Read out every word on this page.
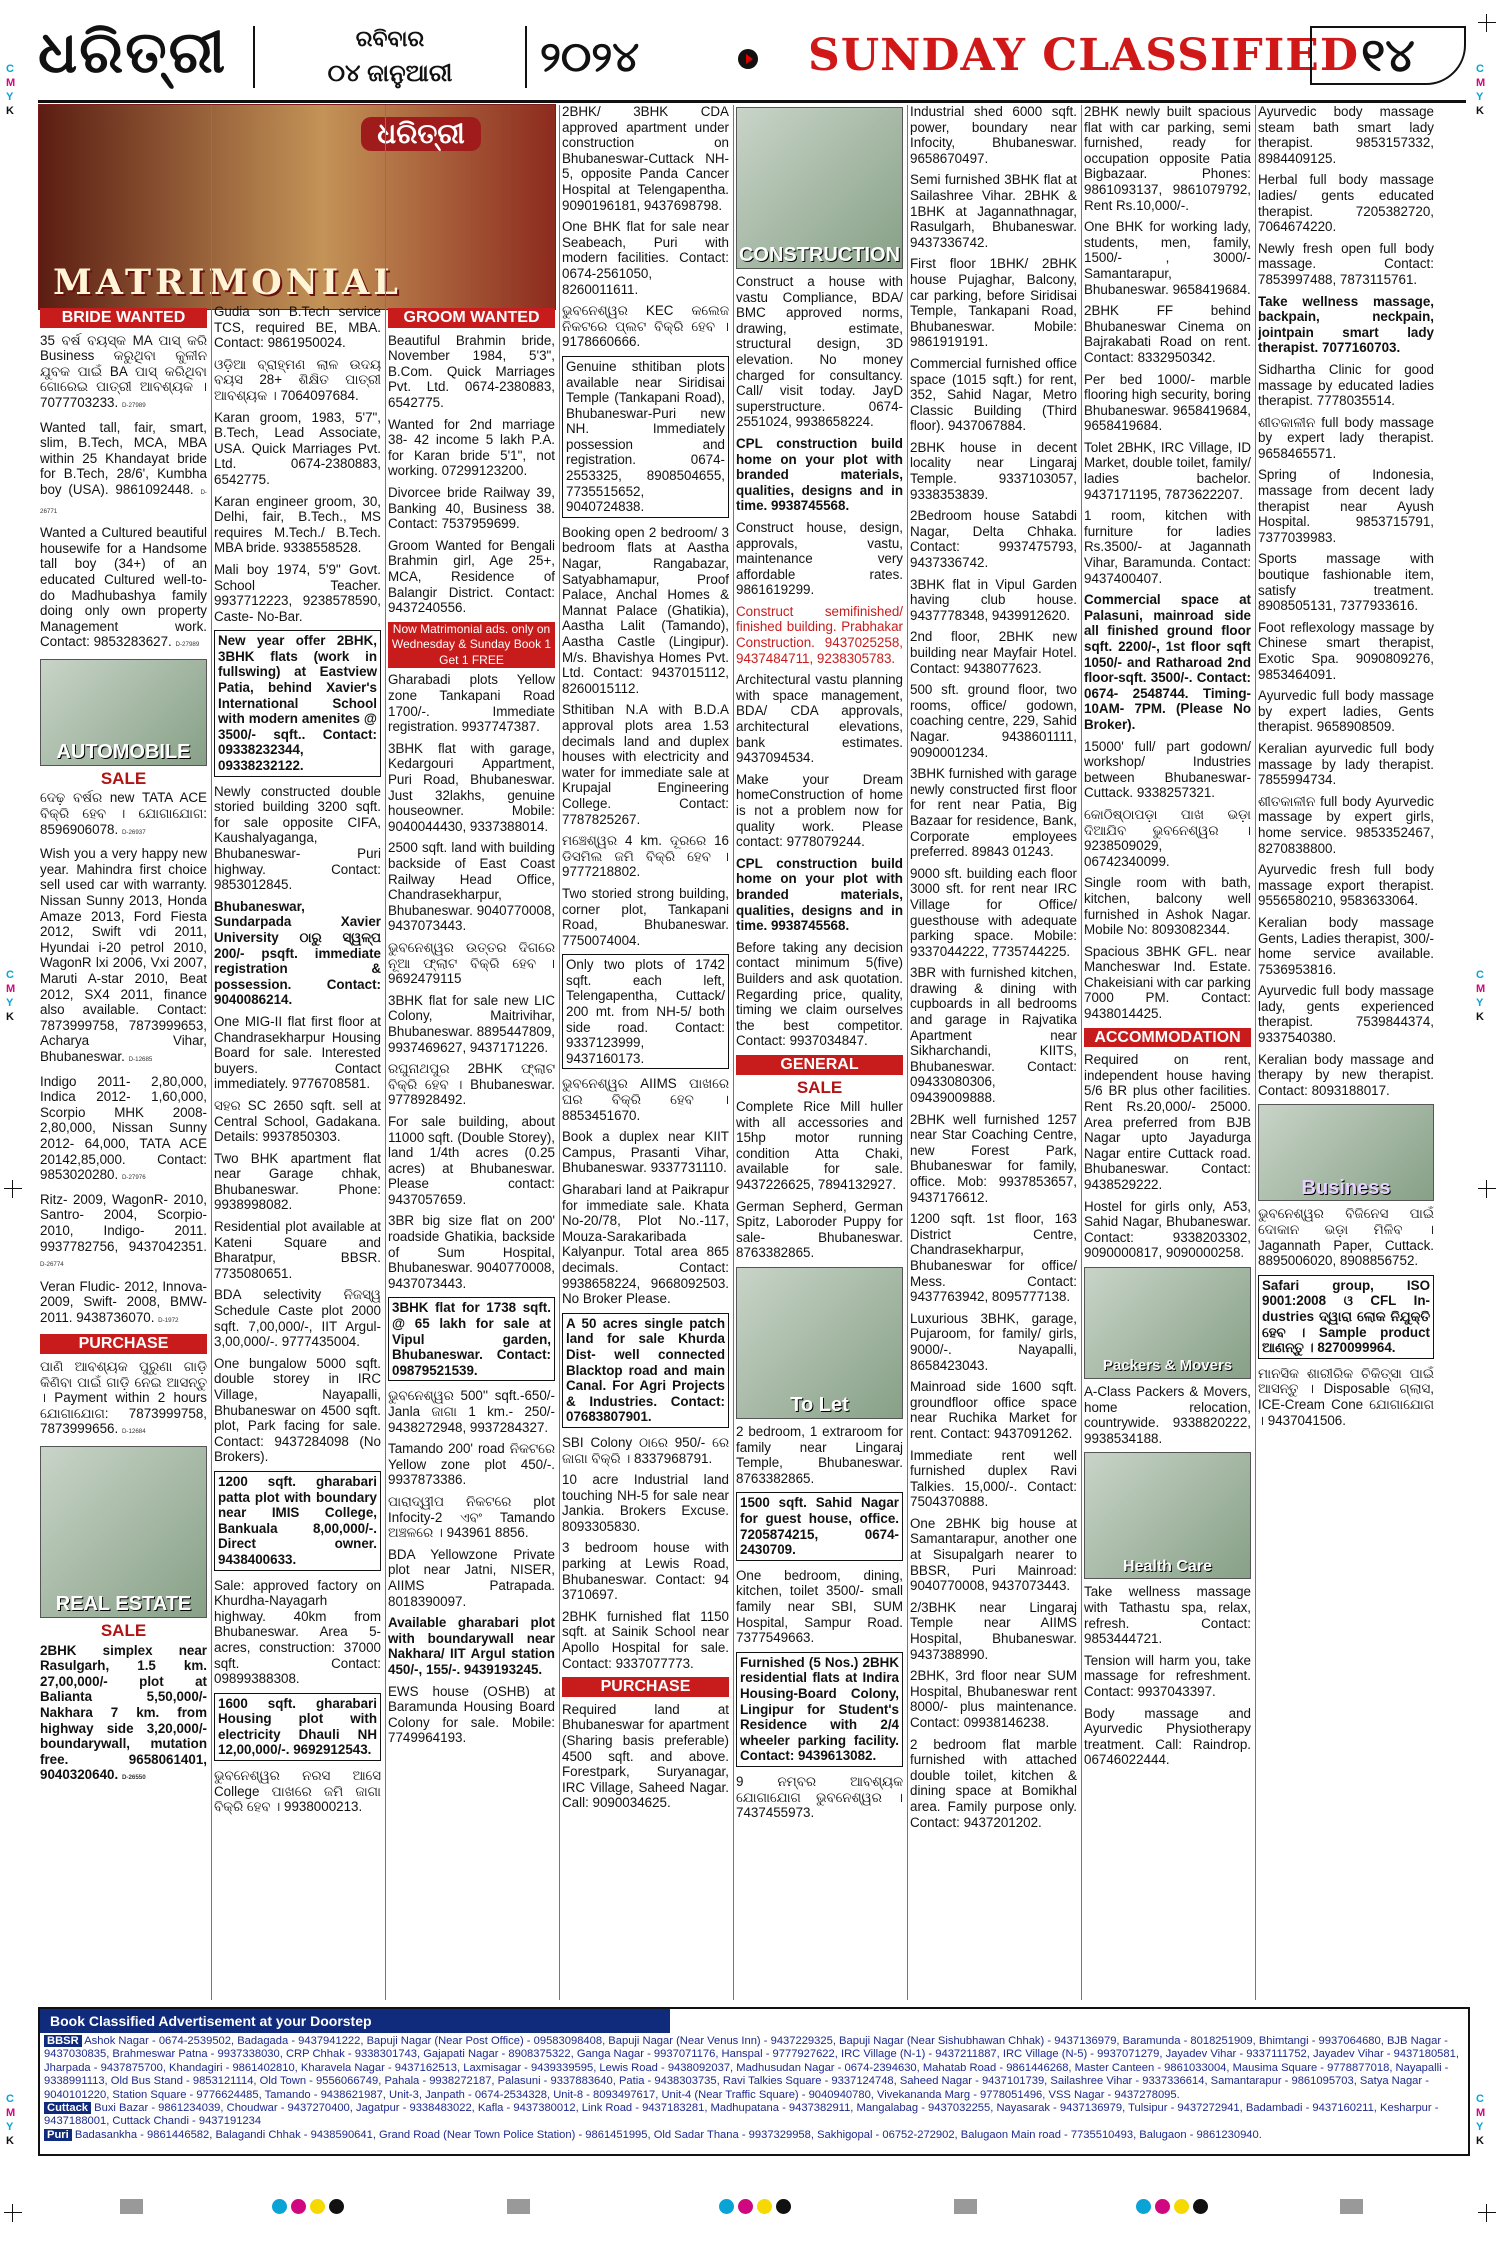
ଧରିତ୍ରୀ	ରବିବାର
୦୪ ଜାନୁଆରୀ	୨୦୨୪	SUNDAY CLASSIFIED ୧୪
C
M
Y
K
C
M
Y
K
C
M
Y
K
C
M
Y
K
C
M
Y
K
C
M
Y
K
ଧରିତ୍ରୀ
MATRIMONIAL
BRIDE WANTED

35 ବର୍ଷ ବୟସ୍କ MA ପାସ୍ କରି Business କରୁଥିବା କୁଳୀନ ଯୁବକ ପାଇଁ BA ପାସ୍ କରିଥିବା ଗୋରେଇ ପାତ୍ରୀ ଆବଶ୍ୟକ । 7077703233. D-27989

Wanted tall, fair, smart, slim, B.Tech, MCA, MBA within 25 Khandayat bride for B.Tech, 28/6', Kumbha boy (USA). 9861092448. D-26771

Wanted a Cultured beautiful housewife for a Handsome tall boy (34+) of an educated Cultured well-to-do Madhubashya family doing only own property Management work. Contact: 9853283627. D-27989

AUTOMOBILE
SALE

ଦେଢ଼ ବର୍ଷର new TATA ACE ବିକ୍ରି ହେବ । ଯୋଗାଯୋଗ: 8596906078. D-26937

Wish you a very happy new year. Mahindra first choice sell used car with warranty. Nissan Sunny 2013, Honda Amaze 2013, Ford Fiesta 2012, Swift vdi 2011, Hyundai i-20 petrol 2010, WagonR lxi 2006, Vxi 2007, Maruti A-star 2010, Beat 2012, SX4 2011, finance also available. Contact: 7873999758, 7873999653, Acharya Vihar, Bhubaneswar. D-12685

Indigo 2011- 2,80,000, Indica 2012- 1,60,000, Scorpio MHK 2008- 2,80,000, Nissan Sunny 2012- 64,000, TATA ACE 20142,85,000. Contact: 9853020280. D-27976

Ritz- 2009, WagonR- 2010, Santro- 2004, Scorpio- 2010, Indigo- 2011. 9937782756, 9437042351. D-26774

Veran Fludic- 2012, Innova- 2009, Swift- 2008, BMW- 2011. 9438736070. D-1972

PURCHASE

ପାଣି ଆବଶ୍ୟକ ପୁରୁଣା ଗାଡ଼ି କିଣିବା ପାଇଁ ଗାଡ଼ି ନେଇ ଆସନ୍ତୁ । Payment within 2 hours ଯୋଗାଯୋଗ: 7873999758, 7873999656. D-12684

REAL ESTATE
SALE

2BHK simplex near Rasulgarh, 1.5 km. 27,00,000/- plot at Balianta 5,50,000/- Nakhara 7 km. from highway side 3,20,000/- boundarywall, mutation free. 9658061401, 9040320640. D-26550

Gudia son B.Tech service TCS, required BE, MBA. Contact: 9861950024.

ଓଡ଼ିଆ ବ୍ରାହ୍ମଣ ଲାଳ ଉଦୟ ବୟସ 28+ ଶିକ୍ଷିତ ପାତ୍ରୀ ଆବଶ୍ୟକ । 7064097684.

Karan groom, 1983, 5'7", B.Tech, Lead Associate, USA. Quick Marriages Pvt. Ltd. 0674-2380883, 6542775.

Karan engineer groom, 30, Delhi, fair, B.Tech., MS requires M.Tech./ B.Tech. MBA bride. 9338558528.

Mali boy 1974, 5'9" Govt. School Teacher. 9937712223, 9238578590, Caste- No-Bar.

New year offer 2BHK, 3BHK flats (work in fullswing) at Eastview Patia, behind Xavier's International School with modern amenites @ 3500/- sqft.. Contact: 09338232344, 09338232122.

Newly constructed double storied building 3200 sqft. for sale opposite CIFA, Kaushalyaganga, Bhubaneswar- Puri highway. Contact: 9853012845.

Bhubaneswar, Sundarpada Xavier University ଠାରୁ ସ୍ୱଳ୍ପ 200/- psqft. immediate registration & possession. Contact: 9040086214.

One MIG-II flat first floor at Chandrasekharpur Housing Board for sale. Interested buyers. Contact immediately. 9776708581.

ସହର SC 2650 sqft. sell at Central School, Gadakana. Details: 9937850303.

Two BHK apartment flat near Garage chhak, Bhubaneswar. Phone: 9938998082.

Residential plot available at Kateni Square and Bharatpur, BBSR. 7735080651.

BDA selectivity ନିଜସ୍ୱ Schedule Caste plot 2000 sqft. 7,00,000/-, IIT Argul- 3,00,000/-. 9777435004.

One bungalow 5000 sqft. double storey in IRC Village, Nayapalli, Bhubaneswar on 4500 sqft. plot, Park facing for sale. Contact: 9437284098 (No Brokers).

1200 sqft. gharabari patta plot with boundary near IMIS College, Bankuala 8,00,000/-. Direct owner. 9438400633.

Sale: approved factory on Khurdha-Nayagarh highway. 40km from Bhubaneswar. Area 5- acres, construction: 37000 sqft. Contact: 09899388308.

1600 sqft. gharabari Housing plot with electricity Dhauli NH 12,00,000/-. 9692912543.

ଭୁବନେଶ୍ୱର ନରସ ଆସେ College ପାଖରେ ଜମି ଜାଗା ବିକ୍ରି ହେବ । 9938000213.

GROOM WANTED

Beautiful Brahmin bride, November 1984, 5'3", B.Com. Quick Marriages Pvt. Ltd. 0674-2380883, 6542775.

Wanted for 2nd marriage 38- 42 income 5 lakh P.A. for Karan bride 5'1", not working. 07299123200.

Divorcee bride Railway 39, Banking 40, Business 38. Contact: 7537959699.

Groom Wanted for Bengali Brahmin girl, Age 25+, MCA, Residence of Balangir District. Contact: 9437240556.

Now Matrimonial ads. only on Wednesday & Sunday Book 1 Get 1 FREE

Gharabadi plots Yellow zone Tankapani Road 1700/-. Immediate registration. 9937747387.

3BHK flat with garage, Kedargouri Appartment, Puri Road, Bhubaneswar. Just 32lakhs, genuine houseowner. Mobile: 9040044430, 9337388014.

2500 sqft. land with building backside of East Coast Railway Head Office, Chandrasekharpur, Bhubaneswar. 9040770008, 9437073443.

ଭୁବନେଶ୍ୱର ଉତ୍ତର ଦିଗରେ ନୂଆ ଫ୍ଲାଟ ବିକ୍ରି ହେବ । 9692479115

3BHK flat for sale new LIC Colony, Maitrivihar, Bhubaneswar. 8895447809, 9937469627, 9437171226.

ରଘୁନାଥପୁର 2BHK ଫ୍ଲାଟ ବିକ୍ରି ହେବ । Bhubaneswar. 9778928492.

For sale building, about 11000 sqft. (Double Storey), land 1/4th acres (0.25 acres) at Bhubaneswar. Please contact: 9437057659.

3BR big size flat on 200' roadside Ghatikia, backside of Sum Hospital, Bhubaneswar. 9040770008, 9437073443.

3BHK flat for 1738 sqft. @ 65 lakh for sale at Vipul garden, Bhubaneswar. Contact: 09879521539.

ଭୁବନେଶ୍ୱର 500'' sqft.-650/- Janla ଜାଗା 1 km.- 250/- 9438272948, 9937284327.

Tamando 200' road ନିକଟରେ Yellow zone plot 450/-. 9937873386.

ପାରାଦ୍ୱୀପ ନିକଟରେ plot Infocity-2 ଏବଂ Tamando ଅଞ୍ଚଳରେ । 943961 8856.

BDA Yellowzone Private plot near Jatni, NISER, AIIMS Patrapada. 8018390097.

Available gharabari plot with boundarywall near Nakhara/ IIT Argul station 450/-, 155/-. 9439193245.

EWS house (OSHB) at Baramunda Housing Board Colony for sale. Mobile: 7749964193.

2BHK/ 3BHK CDA approved apartment under construction on Bhubaneswar-Cuttack NH-5, opposite Panda Cancer Hospital at Telengapentha. 9090196181, 9437698798.

One BHK flat for sale near Seabeach, Puri with modern facilities. Contact: 0674-2561050, 8260011611.

ଭୁବନେଶ୍ୱର KEC କଲେଜ ନିକଟରେ ପ୍ଲଟ ବିକ୍ରି ହେବ । 9178660666.

Genuine sthitiban plots available near Siridisai Temple (Tankapani Road), Bhubaneswar-Puri new NH. Immediately possession and registration. 0674-2553325, 8908504655, 7735515652, 9040724838.

Booking open 2 bedroom/ 3 bedroom flats at Aastha Nagar, Rangabazar, Satyabhamapur, Proof Palace, Anchal Homes & Mannat Palace (Ghatikia), Aastha Lalit (Tamando), Aastha Castle (Lingipur). M/s. Bhavishya Homes Pvt. Ltd. Contact: 9437015112, 8260015112.

Sthitiban N.A with B.D.A approval plots area 1.53 decimals land and duplex houses with electricity and water for immediate sale at Krupajal Engineering College. Contact: 7787825267.

ମଞ୍ଚେଶ୍ୱର 4 km. ଦୂରରେ 16 ଡିସମିଲ ଜମି ବିକ୍ରି ହେବ । 9777218802.

Two storied strong building, corner plot, Tankapani Road, Bhubaneswar. 7750074004.

Only two plots of 1742 sqft. each left, Telengapentha, Cuttack/ 200 mt. from NH-5/ both side road. Contact: 9337123999, 9437160173.

ଭୁବନେଶ୍ୱର AIIMS ପାଖରେ ଘର ବିକ୍ରି ହେବ । 8853451670.

Book a duplex near KIIT Campus, Prasanti Vihar, Bhubaneswar. 9337731110.

Gharabari land at Paikrapur for immediate sale. Khata No-20/78, Plot No.-117, Mouza-Sarakaribada Kalyanpur. Total area 865 decimals. Contact: 9938658224, 9668092503. No Broker Please.

A 50 acres single patch land for sale Khurda Dist- well connected Blacktop road and main Canal. For Agri Projects & Industries. Contact: 07683807901.

SBI Colony ଠାରେ 950/- ରେ ଜାଗା ବିକ୍ରି । 8337968791.

10 acre Industrial land touching NH-5 for sale near Jankia. Brokers Excuse. 8093305830.

3 bedroom house with parking at Lewis Road, Bhubaneswar. Contact: 94 3710697.

2BHK furnished flat 1150 sqft. at Sainik School near Apollo Hospital for sale. Contact: 9337077773.

PURCHASE

Required land at Bhubaneswar for apartment (Sharing basis preferable) 4500 sqft. and above. Forestpark, Suryanagar, IRC Village, Saheed Nagar. Call: 9090034625.

CONSTRUCTION

Construct a house with vastu Compliance, BDA/ BMC approved norms, drawing, estimate, structural design, 3D elevation. No money charged for consultancy. Call/ visit today. JayD superstructure. 0674-2551024, 9938658224.

CPL construction build home on your plot with branded materials, qualities, designs and in time. 9938745568.

Construct house, design, approvals, vastu, maintenance very affordable rates. 9861619299.

Construct semifinished/ finished building. Prabhakar Construction. 9437025258, 9437484711, 9238305783.

Architectural vastu planning with space management, BDA/ CDA approvals, architectural elevations, bank estimates. 9437094534.

Make your Dream homeConstruction of home is not a problem now for quality work. Please contact: 9778079244.

CPL construction build home on your plot with branded materials, qualities, designs and in time. 9938745568.

Before taking any decision contact minimum 5(five) Builders and ask quotation. Regarding price, quality, timing we claim ourselves the best competitor. Contact: 9937034847.

GENERAL
SALE

Complete Rice Mill huller with all accessories and 15hp motor running condition Atta Chaki, available for sale. 9437226625, 7894132927.

German Sepherd, German Spitz, Laboroder Puppy for sale- Bhubaneswar. 8763382865.

To Let

2 bedroom, 1 extraroom for family near Lingaraj Temple, Bhubaneswar. 8763382865.

1500 sqft. Sahid Nagar for guest house, office. 7205874215, 0674-2430709.

One bedroom, dining, kitchen, toilet 3500/- small family near SBI, SUM Hospital, Sampur Road. 7377549663.

Furnished (5 Nos.) 2BHK residential flats at Indira Housing-Board Colony, Lingipur for Student's Residence with 2/4 wheeler parking facility. Contact: 9439613082.

9 ନମ୍ବର ଆବଶ୍ୟକ ଯୋଗାଯୋଗ ଭୁବନେଶ୍ୱର । 7437455973.

Industrial shed 6000 sqft. power, boundary near Infocity, Bhubaneswar. 9658670497.

Semi furnished 3BHK flat at Sailashree Vihar. 2BHK & 1BHK at Jagannathnagar, Rasulgarh, Bhubaneswar. 9437336742.

First floor 1BHK/ 2BHK house Pujaghar, Balcony, car parking, before Siridisai Temple, Tankapani Road, Bhubaneswar. Mobile: 9861919191.

Commercial furnished office space (1015 sqft.) for rent, 352, Sahid Nagar, Metro Classic Building (Third floor). 9437067884.

2BHK house in decent locality near Lingaraj Temple. 9337103057, 9338353839.

2Bedroom house Satabdi Nagar, Delta Chhaka. Contact: 9937475793, 9437336742.

3BHK flat in Vipul Garden having club house. 9437778348, 9439912620.

2nd floor, 2BHK new building near Mayfair Hotel. Contact: 9438077623.

500 sft. ground floor, two rooms, office/ godown, coaching centre, 229, Sahid Nagar. 9438601111, 9090001234.

3BHK furnished with garage newly constructed first floor for rent near Patia, Big Bazaar for residence, Bank, Corporate employees preferred. 89843 01243.

9000 sft. building each floor 3000 sft. for rent near IRC Village for Office/ guesthouse with adequate parking space. Mobile: 9337044222, 7735744225.

3BR with furnished kitchen, drawing & dining with cupboards in all bedrooms and garage in Rajvatika Apartment near Sikharchandi, KIITS, Bhubaneswar. Contact: 09433080306, 09439009888.

2BHK well furnished 1257 near Star Coaching Centre, new Forest Park, Bhubaneswar for family, office. Mob: 9937853657, 9437176612.

1200 sqft. 1st floor, 163 District Centre, Chandrasekharpur, Bhubaneswar for office/ Mess. Contact: 9437763942, 8095777138.

Luxurious 3BHK, garage, Pujaroom, for family/ girls, 9000/-. Nayapalli, 8658423043.

Mainroad side 1600 sqft. groundfloor office space near Ruchika Market for rent. Contact: 9437091262.

Immediate rent well furnished duplex Ravi Talkies. 15,000/-. Contact: 7504370888.

One 2BHK big house at Samantarapur, another one at Sisupalgarh nearer to BBSR, Puri Mainroad: 9040770008, 9437073443.

2/3BHK near Lingaraj Temple near AIIMS Hospital, Bhubaneswar. 9437388990.

2BHK, 3rd floor near SUM Hospital, Bhubaneswar rent 8000/- plus maintenance. Contact: 09938146238.

2 bedroom flat marble furnished with attached double toilet, kitchen & dining space at Bomikhal area. Family purpose only. Contact: 9437201202.

2BHK newly built spacious flat with car parking, semi furnished, ready for occupation opposite Patia Bigbazaar. Phones: 9861093137, 9861079792, Rent Rs.10,000/-.

One BHK for working lady, students, men, family, 1500/- , 3000/- Samantarapur, Bhubaneswar. 9658419684.

2BHK FF behind Bhubaneswar Cinema on Bajrakabati Road on rent. Contact: 8332950342.

Per bed 1000/- marble flooring high security, boring Bhubaneswar. 9658419684, 9658419684.

Tolet 2BHK, IRC Village, ID Market, double toilet, family/ ladies bachelor. 9437171195, 7873622207.

1 room, kitchen with furniture for ladies Rs.3500/- at Jagannath Vihar, Baramunda. Contact: 9437400407.

Commercial space at Palasuni, mainroad side all finished ground floor sqft. 2200/-, 1st floor sqft 1050/- and Ratharoad 2nd floor-sqft. 3500/-. Contact: 0674- 2548744. Timing-10AM- 7PM. (Please No Broker).

15000' full/ part godown/ workshop/ Industries between Bhubaneswar-Cuttack. 9338257321.

କୋଠିଷ୍ଠାପଡ଼ା ପାଖ ଭଡ଼ା ଦିଆଯିବ ଭୁବନେଶ୍ୱର । 9238509029, 06742340099.

Single room with bath, kitchen, balcony well furnished in Ashok Nagar. Mobile No: 8093082344.

Spacious 3BHK GFL. near Mancheswar Ind. Estate. Chakeisiani with car parking 7000 PM. Contact: 9438014425.

ACCOMMODATION

Required on rent, independent house having 5/6 BR plus other facilities. Rent Rs.20,000/- 25000. Area preferred from BJB Nagar upto Jayadurga Nagar entire Cuttack road. Bhubaneswar. Contact: 9438529222.

Hostel for girls only, A53, Sahid Nagar, Bhubaneswar. Contact: 9338203302, 9090000817, 9090000258.

Packers & Movers

A-Class Packers & Movers, home relocation, countrywide. 9338820222, 9938534188.

Health Care

Take wellness massage with Tathastu spa, relax, refresh. Contact: 9853444721.

Tension will harm you, take massage for refreshment. Contact: 9937043397.

Body massage and Ayurvedic Physiotherapy treatment. Call: Raindrop. 06746022444.

Ayurvedic body massage steam bath smart lady therapist. 9853157332, 8984409125.

Herbal full body massage ladies/ gents educated therapist. 7205382720, 7064674220.

Newly fresh open full body massage. Contact: 7853997488, 7873115761.

Take wellness massage, backpain, neckpain, jointpain smart lady therapist. 7077160703.

Sidhartha Clinic for good massage by educated ladies therapist. 7778035514.

ଶୀତକାଳୀନ full body massage by expert lady therapist. 9658465571.

Spring of Indonesia, massage from decent lady therapist near Ayush Hospital. 9853715791, 7377039983.

Sports massage with boutique fashionable item, satisfy treatment. 8908505131, 7377933616.

Foot reflexology massage by Chinese smart therapist, Exotic Spa. 9090809276, 9853464091.

Ayurvedic full body massage by expert ladies, Gents therapist. 9658908509.

Keralian ayurvedic full body massage by lady therapist. 7855994734.

ଶୀତକାଳୀନ full body Ayurvedic massage by expert girls, home service. 9853352467, 8270838800.

Ayurvedic fresh full body massage export therapist. 9556580210, 9583633064.

Keralian body massage Gents, Ladies therapist, 300/- home service available. 7536953816.

Ayurvedic full body massage lady, gents experienced therapist. 7539844374, 9337540380.

Keralian body massage and therapy by new therapist. Contact: 8093188017.

Business

ଭୁବନେଶ୍ୱର ବିଜିନେସ ପାଇଁ ଦୋକାନ ଭଡ଼ା ମିଳିବ । Jagannath Paper, Cuttack. 8895006020, 8908856752.

Safari group, ISO 9001:2008 ଓ CFL In- dustries ଦ୍ୱାରା ଲୋକ ନିଯୁକ୍ତି ହେବ । Sample product ଆଣନ୍ତୁ । 8270099964.

ମାନସିକ ଶାରୀରିକ ଚିକିତ୍ସା ପାଇଁ ଆସନ୍ତୁ । Disposable ଗ୍ଲାସ, ICE-Cream Cone ଯୋଗାଯୋଗ । 9437041506.

Book Classified Advertisement at your Doorstep

BBSR Ashok Nagar - 0674-2539502, Badagada - 9437941222, Bapuji Nagar (Near Post Office) - 09583098408, Bapuji Nagar (Near Venus Inn) - 9437229325, Bapuji Nagar (Near Sishubhawan Chhak) - 9437136979, Baramunda - 8018251909, Bhimtangi - 9937064680, BJB Nagar - 9437030835, Brahmeswar Patna - 9937338030, CRP Chhak - 9338301743, Gajapati Nagar - 8908375322, Ganga Nagar - 9937071176, Hanspal - 9777927622, IRC Village (N-1) - 9437211887, IRC Village (N-5) - 9937071279, Jayadev Vihar - 9337111752, Jayadev Vihar - 9437180581, Jharpada - 9437875700, Khandagiri - 9861402810, Kharavela Nagar - 9437162513, Laxmisagar - 9439339595, Lewis Road - 9438092037, Madhusudan Nagar - 0674-2394630, Mahatab Road - 9861446268, Master Canteen - 9861033004, Mausima Square - 9778877018, Nayapalli - 9338991113, Old Bus Stand - 9853121114, Old Town - 9556066749, Pahala - 9938272187, Palasuni - 9337883640, Patia - 9438303735, Ravi Talkies Square - 9337124748, Saheed Nagar - 9437101739, Sailashree Vihar - 9337336614, Samantarapur - 9861095703, Satya Nagar - 9040101220, Station Square - 9776624485, Tamando - 9438621987, Unit-3, Janpath - 0674-2534328, Unit-8 - 8093497617, Unit-4 (Near Traffic Square) - 9040940780, Vivekananda Marg - 9778051496, VSS Nagar - 9437278095.

Cuttack Buxi Bazar - 9861234039, Choudwar - 9437270400, Jagatpur - 9338483022, Kafla - 9437380012, Link Road - 9437183281, Madhupatana - 9437382911, Mangalabag - 9437032255, Nayasarak - 9437136979, Tulsipur - 9437272941, Badambadi - 9437160211, Kesharpur - 9437188001, Cuttack Chandi - 9437191234

Puri Badasankha - 9861446582, Balagandi Chhak - 9438590641, Grand Road (Near Town Police Station) - 9861451995, Old Sadar Thana - 9937329958, Sakhigopal - 06752-272902, Balugaon Main road - 7735510493, Balugaon - 9861230940.
